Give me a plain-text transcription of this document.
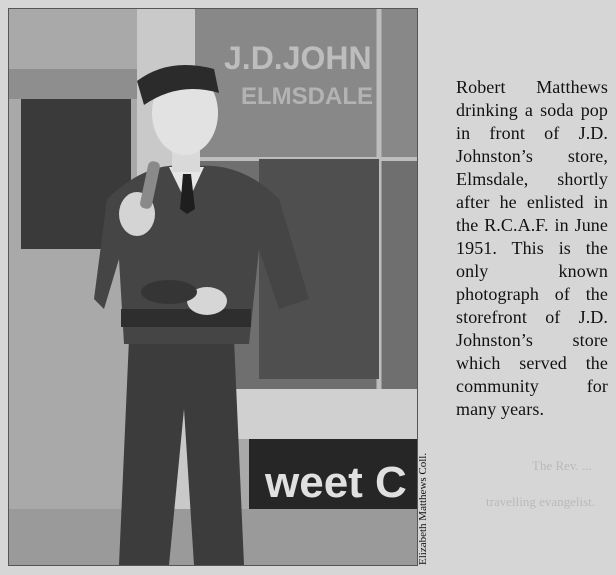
J.D.JOHN
ELMSDALE
weet C
Robert Matthews drinking a soda pop in front of J.D. Johnston’s store, Elmsdale, shortly after he enlisted in the R.C.A.F. in June 1951. This is the only known photograph of the storefront of J.D. Johnston’s store which served the community for many years.
Elizabeth Matthews Coll.	The Rev. ...
travelling evangelist.
